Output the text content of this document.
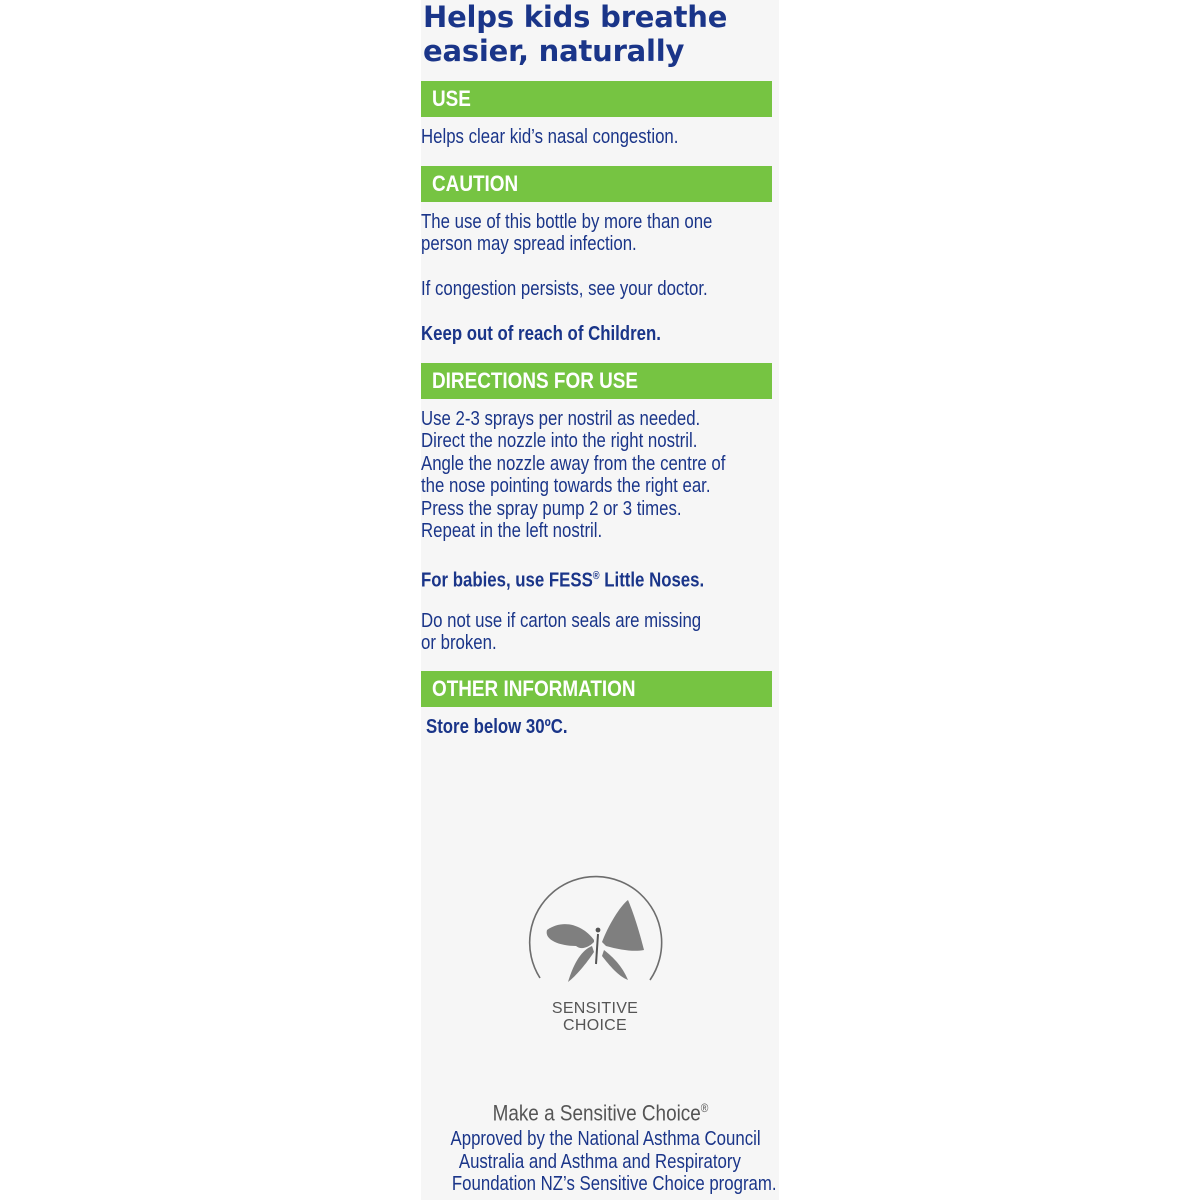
Helps kids breathe
easier, naturally
USE
Helps clear kid’s nasal congestion.
CAUTION
The use of this bottle by more than one
person may spread infection.
If congestion persists, see your doctor.
Keep out of reach of Children.
DIRECTIONS FOR USE
Use 2-3 sprays per nostril as needed.
Direct the nozzle into the right nostril.
Angle the nozzle away from the centre of
the nose pointing towards the right ear.
Press the spray pump 2 or 3 times.
Repeat in the left nostril.
For babies, use FESS® Little Noses.
Do not use if carton seals are missing
or broken.
OTHER INFORMATION
Store below 30ºC.
SENSITIVE
CHOICE
Make a Sensitive Choice®
Approved by the National Asthma Council
Australia and Asthma and Respiratory
Foundation NZ’s Sensitive Choice program.
